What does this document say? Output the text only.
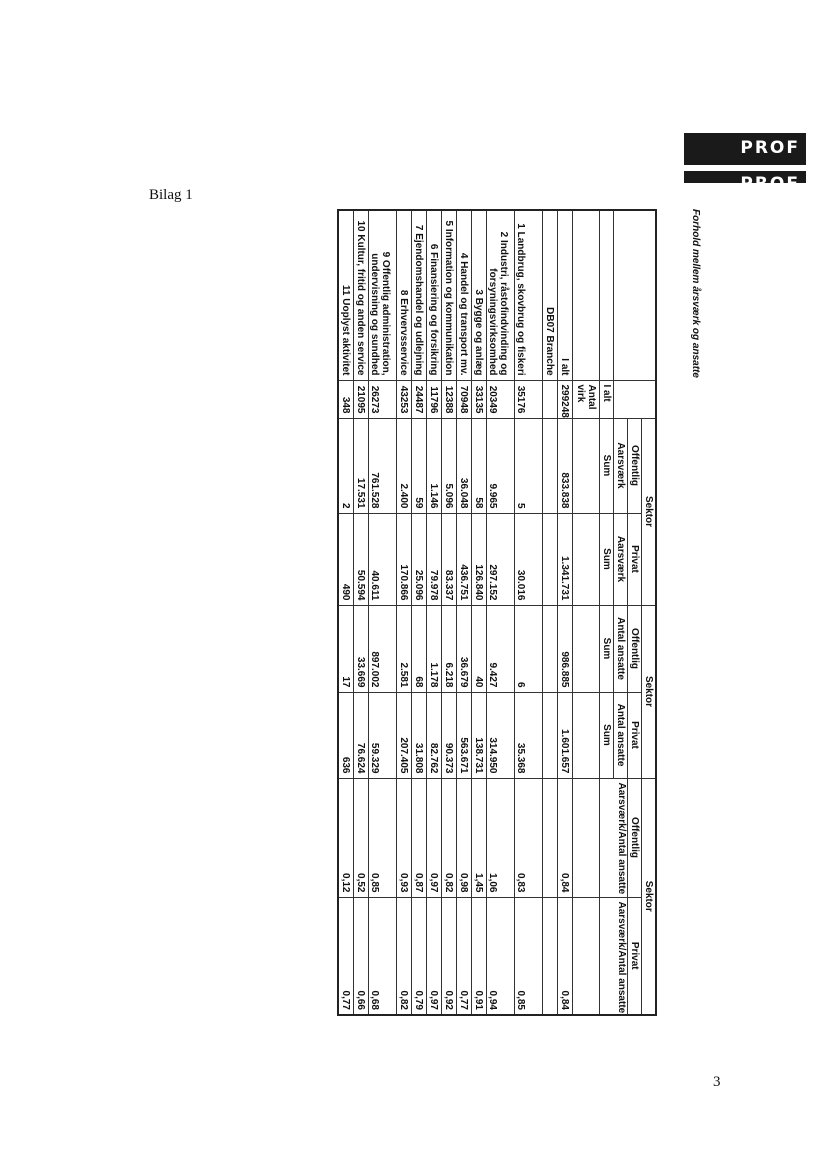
PROF
PROF
Bilag 1
Forhold mellem årsværk og ansatte
		Sektor		Sektor		Sektor	
		Offentlig	Privat	Offentlig	Privat	Offentlig	Privat
		Aarsværk	Aarsværk	Antal ansatte	Antal ansatte	Aarsværk/Antal ansatte	Aarsværk/Antal ansatte
	I alt	Sum	Sum	Sum	Sum		
	Antal virk						
I alt	299248	833.838	1.341.731	986.885	1.601.657	0,84	0,84
DB07 Branche							
1 Landbrug, skovbrug og fiskeri	35176	5	30.016	6	35.368	0,83	0,85
2 Industri, råstofindvinding og forsyningsvirksomhed	20349	9.965	297.152	9.427	314.950	1,06	0,94
3 Bygge og anlæg	33135	58	126.840	40	138.731	1,45	0,91
4 Handel og transport mv.	70948	36.048	436.751	36.679	563.671	0,98	0,77
5 Information og kommunikation	12388	5.096	83.337	6.218	90.373	0,82	0,92
6 Finansiering og forsikring	11796	1.146	79.978	1.178	82.762	0,97	0,97
7 Ejendomshandel og udlejning	24487	59	25.096	68	31.808	0,87	0,79
8 Erhvervsservice	43253	2.400	170.866	2.581	207.405	0,93	0,82
9 Offentlig administration, undervisning og sundhed	26273	761.528	40.611	897.002	59.329	0,85	0,68
10 Kultur, fritid og anden service	21095	17.531	50.594	33.669	76.624	0,52	0,66
11 Uoplyst aktivitet	348	2	490	17	636	0,12	0,77
3
